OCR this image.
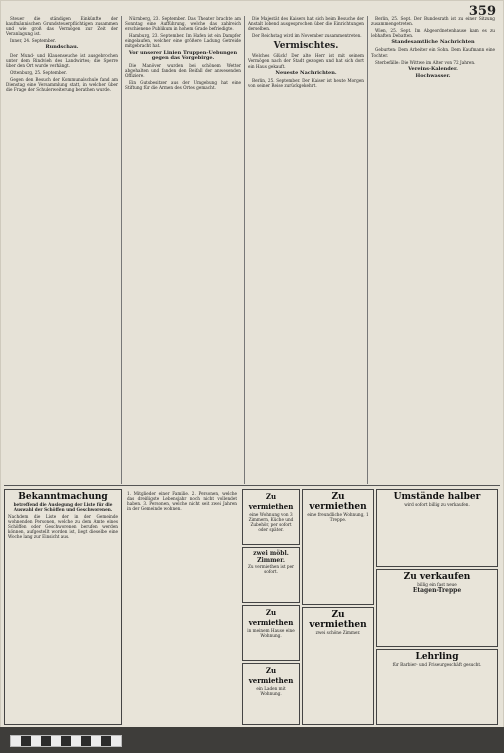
359

Steuer die ständigen Einkünfte der kaufmännischen Grundsteuerpflichtigen zusammen und wie groß das Vermögen zur Zeit der Veranlagung ist.

Inner, 24. September.

Rundschau.

Der Mund- und Klauenseuche ist ausgebrochen unter dem Rindvieh des Landwirtes; die Sperre über den Ort wurde verhängt.

Ottenburg, 25. September.

Gegen den Besuch der Kommunalschule fand am Dienstag eine Versammlung statt, in welcher über die Frage der Schulerweiterung berathen wurde.

Nürnberg, 23. September. Das Theater brachte am Sonntag eine Aufführung, welche das zahlreich erschienene Publikum in hohem Grade befriedigte.

Hamburg, 23. September. Im Hafen ist ein Dampfer eingelaufen, welcher eine größere Ladung Getreide mitgebracht hat.

Vor unserer Linien Truppen-Uebungen gegen das Vorgebirge.

Die Manöver wurden bei schönem Wetter abgehalten und fanden den Beifall der anwesenden Offiziere.

Ein Gutsbesitzer aus der Umgebung hat eine Stiftung für die Armen des Ortes gemacht.

Die Majestät des Kaisers hat sich beim Besuche der Anstalt lobend ausgesprochen über die Einrichtungen derselben.

Der Reichstag wird im November zusammentreten.

Vermischtes.

Welches Glück! Der alte Herr ist mit seinem Vermögen nach der Stadt gezogen und hat sich dort ein Haus gekauft.

Neueste Nachrichten.

Berlin, 25. September. Der Kaiser ist heute Morgen von seiner Reise zurückgekehrt.

Berlin, 25. Sept. Der Bundesrath ist zu einer Sitzung zusammengetreten.

Wien, 25. Sept. Im Abgeordnetenhause kam es zu lebhaften Debatten.

Standesamtliche Nachrichten

Geburten: Dem Arbeiter ein Sohn. Dem Kaufmann eine Tochter.

Sterbefälle: Die Wittwe im Alter von 72 Jahren.

Vereins-Kalender.

Hochwasser.

Bekanntmachung
betreffend die Auslegung der Liste für die Auswahl der Schöffen und Geschworenen.
Nachdem die Liste der in der Gemeinde wohnenden Personen, welche zu dem Amte eines Schöffen oder Geschworenen berufen werden können, aufgestellt worden ist, liegt dieselbe eine Woche lang zur Einsicht aus.
1. Mitglieder einer Familie. 2. Personen, welche das dreißigste Lebensjahr noch nicht vollendet haben. 3. Personen, welche nicht seit zwei Jahren in der Gemeinde wohnen.
Zu vermiethen
eine Wohnung von 3 Zimmern, Küche und Zubehör, per sofort oder später.
zwei möbl. Zimmer.
Zu vermiethen ist per sofort.
Zu vermiethen
in meinem Hause eine Wohnung.
Zu vermiethen
ein Laden mit Wohnung.
Zu vermiethen
eine freundliche Wohnung, 1 Treppe.
Zu vermiethen
zwei schöne Zimmer.
Umstände halber
wird sofort billig zu verkaufen.
Zu verkaufen
billig ein fast neue
Etagen-Treppe
Lehrling
für Barbier- und Friseurgeschäft gesucht.
